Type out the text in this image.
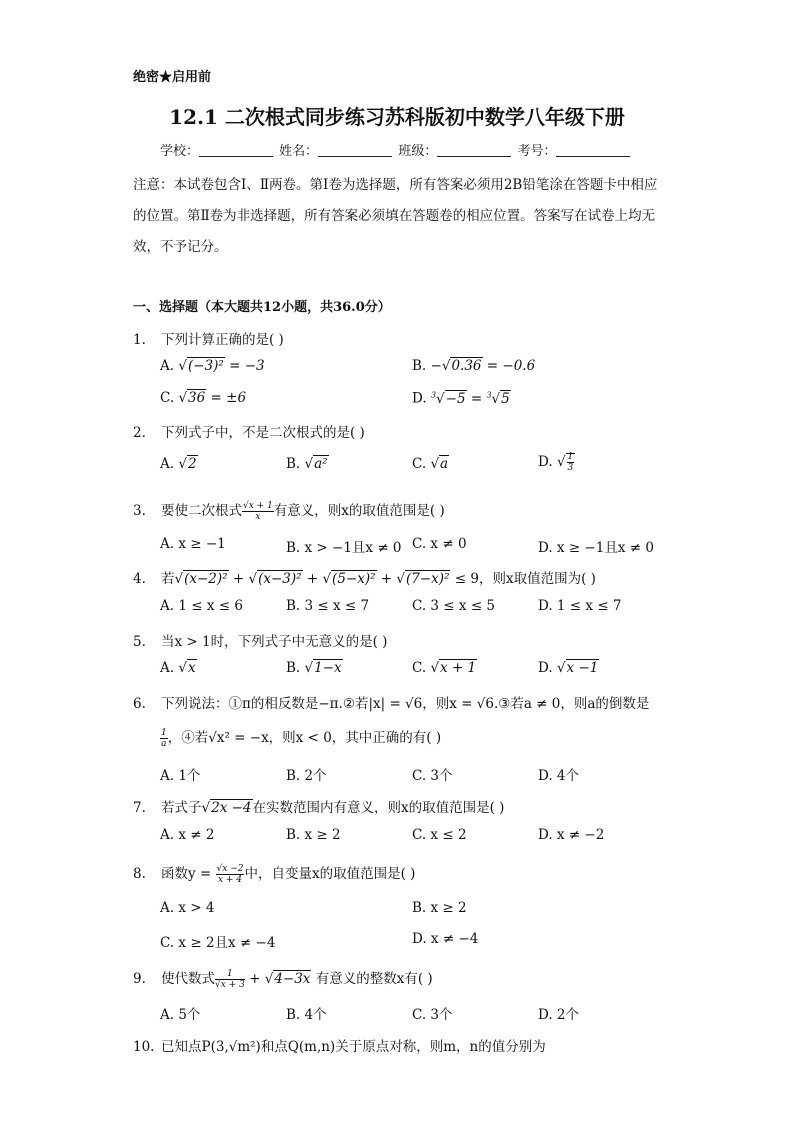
绝密★启用前
12.1 二次根式同步练习苏科版初中数学八年级下册
学校：	姓名：	班级：	考号：
注意：本试卷包含Ⅰ、Ⅱ两卷。第Ⅰ卷为选择题，所有答案必须用2B铅笔涂在答题卡中相应的位置。第Ⅱ卷为非选择题，所有答案必须填在答题卷的相应位置。答案写在试卷上均无效，不予记分。
一、选择题（本大题共12小题，共36.0分）
1. 下列计算正确的是( )
A. √(−3)² = −3	B. −√0.36 = −0.6
C. √36 = ±6	D. $^3$√−5 = $^3$√5
2. 下列式子中，不是二次根式的是( )
A. √2	B. √a²	C. √a	D. √ $\frac{1}{3}$
3. 要使二次根式 $\frac{√x + 1}{x}$ 有意义，则x的取值范围是( )
A. x ≥ −1	B. x > −1且x ≠ 0 C. x ≠ 0	D. x ≥ −1且x ≠ 0
4. 若√(x−2)² + √(x−3)² + √(5−x)² + √(7−x)² ≤ 9，则x取值范围为( )
A. 1 ≤ x ≤ 6	B. 3 ≤ x ≤ 7	C. 3 ≤ x ≤ 5	D. 1 ≤ x ≤ 7
5. 当x > 1时，下列式子中无意义的是( )
A. √x	B. √1−x	C. √x + 1	D. √x −1
6. 下列说法：①π的相反数是−π.②若|x| = √6，则x = √6.③若a ≠ 0，则a的倒数是
$\frac{1}{a}$ ，④若√x² = −x，则x < 0，其中正确的有( )
A. 1个	B. 2个	C. 3个	D. 4个
7. 若式子√2x −4在实数范围内有意义，则x的取值范围是( )
A. x ≠ 2	B. x ≥ 2	C. x ≤ 2	D. x ≠ −2
8. 函数$y = \frac{√x -2}{x + 4}$ 中，自变量x的取值范围是( )
A. x > 4	B. x ≥ 2
C. x ≥ 2且x ≠ −4	D. x ≠ −4
9. 使代数式 $\frac{1}{√x + 3} + √4-3x$ 有意义的整数x有( )
A. 5个	B. 4个	C. 3个	D. 2个
10. 已知点P(3,√m²)和点Q(m,n)关于原点对称，则m，n的值分别为
